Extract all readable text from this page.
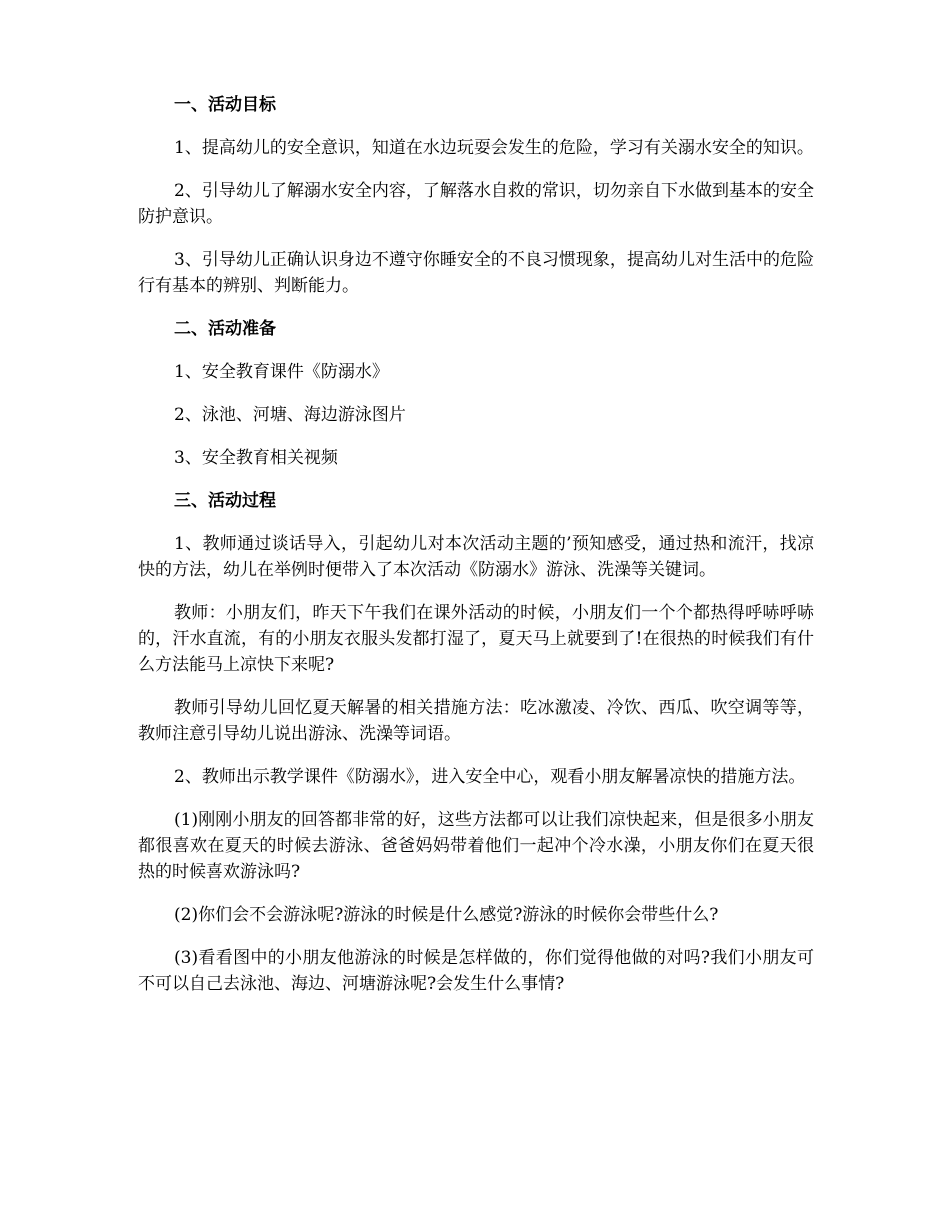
一、活动目标

1、提高幼儿的安全意识，知道在水边玩耍会发生的危险，学习有关溺水安全的知识。

2、引导幼儿了解溺水安全内容，了解落水自救的常识，切勿亲自下水做到基本的安全防护意识。

3、引导幼儿正确认识身边不遵守你睡安全的不良习惯现象，提高幼儿对生活中的危险行有基本的辨别、判断能力。

二、活动准备

1、安全教育课件《防溺水》

2、泳池、河塘、海边游泳图片

3、安全教育相关视频

三、活动过程

1、教师通过谈话导入，引起幼儿对本次活动主题的’预知感受，通过热和流汗，找凉快的方法，幼儿在举例时便带入了本次活动《防溺水》游泳、洗澡等关键词。

教师：小朋友们，昨天下午我们在课外活动的时候，小朋友们一个个都热得呼哧呼哧的，汗水直流，有的小朋友衣服头发都打湿了，夏天马上就要到了!在很热的时候我们有什么方法能马上凉快下来呢?

教师引导幼儿回忆夏天解暑的相关措施方法：吃冰激凌、冷饮、西瓜、吹空调等等，教师注意引导幼儿说出游泳、洗澡等词语。

2、教师出示教学课件《防溺水》，进入安全中心，观看小朋友解暑凉快的措施方法。

(1)刚刚小朋友的回答都非常的好，这些方法都可以让我们凉快起来，但是很多小朋友都很喜欢在夏天的时候去游泳、爸爸妈妈带着他们一起冲个冷水澡，小朋友你们在夏天很热的时候喜欢游泳吗?

(2)你们会不会游泳呢?游泳的时候是什么感觉?游泳的时候你会带些什么?

(3)看看图中的小朋友他游泳的时候是怎样做的，你们觉得他做的对吗?我们小朋友可不可以自己去泳池、海边、河塘游泳呢?会发生什么事情?
